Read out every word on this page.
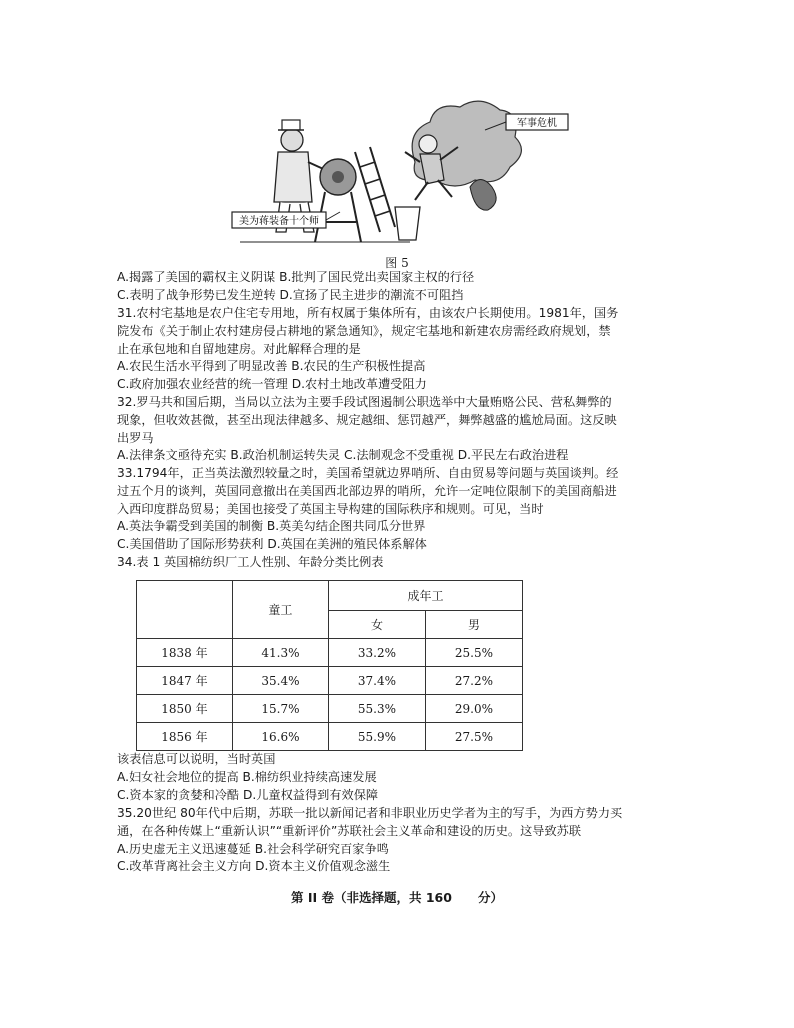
美为蒋装备十个师
军事危机
图 5
A.揭露了美国的霸权主义阴谋 B.批判了国民党出卖国家主权的行径
C.表明了战争形势已发生逆转 D.宣扬了民主进步的潮流不可阻挡
31.农村宅基地是农户住宅专用地，所有权属于集体所有，由该农户长期使用。1981年，国务
院发布《关于制止农村建房侵占耕地的紧急通知》，规定宅基地和新建农房需经政府规划，禁
止在承包地和自留地建房。对此解释合理的是
A.农民生活水平得到了明显改善 B.农民的生产积极性提高
C.政府加强农业经营的统一管理 D.农村土地改革遭受阻力
32.罗马共和国后期，当局以立法为主要手段试图遏制公职选举中大量贿赂公民、营私舞弊的
现象，但收效甚微，甚至出现法律越多、规定越细、惩罚越严，舞弊越盛的尴尬局面。这反映
出罗马
A.法律条文亟待充实 B.政治机制运转失灵 C.法制观念不受重视 D.平民左右政治进程
33.1794年，正当英法激烈较量之时，美国希望就边界哨所、自由贸易等问题与英国谈判。经
过五个月的谈判，英国同意撤出在美国西北部边界的哨所，允许一定吨位限制下的美国商船进
入西印度群岛贸易；美国也接受了英国主导构建的国际秩序和规则。可见，当时
A.英法争霸受到美国的制衡 B.英美勾结企图共同瓜分世界
C.美国借助了国际形势获利 D.英国在美洲的殖民体系解体
34.表 1 英国棉纺织厂工人性别、年龄分类比例表
	童工	成年工	
		女	男
1838 年	41.3%	33.2%	25.5%
1847 年	35.4%	37.4%	27.2%
1850 年	15.7%	55.3%	29.0%
1856 年	16.6%	55.9%	27.5%
该表信息可以说明，当时英国
A.妇女社会地位的提高 B.棉纺织业持续高速发展
C.资本家的贪婪和冷酷 D.儿童权益得到有效保障
35.20世纪 80年代中后期，苏联一批以新闻记者和非职业历史学者为主的写手，为西方势力买
通，在各种传媒上“重新认识”“重新评价”苏联社会主义革命和建设的历史。这导致苏联
A.历史虚无主义迅速蔓延 B.社会科学研究百家争鸣
C.改革背离社会主义方向 D.资本主义价值观念滋生
第 II 卷（非选择题，共 160      分）
